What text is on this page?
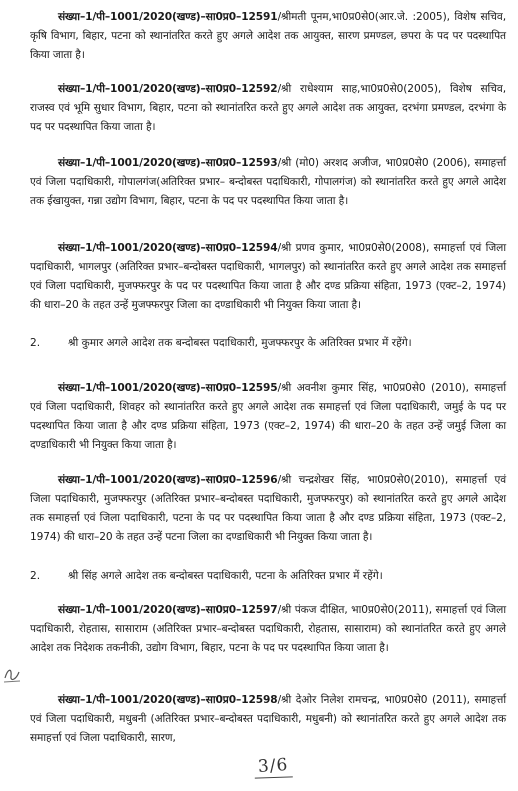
संख्या–1/पी–1001/2020(खण्ड)–सा0प्र0–12591/श्रीमती पूनम,भा0प्र0से0(आर.जे. :2005), विशेष सचिव, कृषि विभाग, बिहार, पटना को स्थानांतरित करते हुए अगले आदेश तक आयुक्त, सारण प्रमण्डल, छपरा के पद पर पदस्थापित किया जाता है।

संख्या–1/पी–1001/2020(खण्ड)–सा0प्र0–12592/श्री राधेश्याम साह,भा0प्र0से0(2005), विशेष सचिव, राजस्व एवं भूमि सुधार विभाग, बिहार, पटना को स्थानांतरित करते हुए अगले आदेश तक आयुक्त, दरभंगा प्रमण्डल, दरभंगा के पद पर पदस्थापित किया जाता है।

संख्या–1/पी–1001/2020(खण्ड)–सा0प्र0–12593/श्री (मो0) अरशद अजीज, भा0प्र0से0 (2006), समाहर्त्ता एवं जिला पदाधिकारी, गोपालगंज(अतिरिक्त प्रभार– बन्दोबस्त पदाधिकारी, गोपालगंज) को स्थानांतरित करते हुए अगले आदेश तक ईखायुक्त, गन्ना उद्योग विभाग, बिहार, पटना के पद पर पदस्थापित किया जाता है।

संख्या–1/पी–1001/2020(खण्ड)–सा0प्र0–12594/श्री प्रणव कुमार, भा0प्र0से0(2008), समाहर्त्ता एवं जिला पदाधिकारी, भागलपुर (अतिरिक्त प्रभार–बन्दोबस्त पदाधिकारी, भागलपुर) को स्थानांतरित करते हुए अगले आदेश तक समाहर्त्ता एवं जिला पदाधिकारी, मुजफ्फरपुर के पद पर पदस्थापित किया जाता है और दण्ड प्रक्रिया संहिता, 1973 (एक्ट–2, 1974) की धारा–20 के तहत उन्हें मुजफ्फरपुर जिला का दण्डाधिकारी भी नियुक्त किया जाता है।

2.	श्री कुमार अगले आदेश तक बन्दोबस्त पदाधिकारी, मुजफ्फरपुर के अतिरिक्त प्रभार में रहेंगे।

संख्या–1/पी–1001/2020(खण्ड)–सा0प्र0–12595/श्री अवनीश कुमार सिंह, भा0प्र0से0 (2010), समाहर्त्ता एवं जिला पदाधिकारी, शिवहर को स्थानांतरित करते हुए अगले आदेश तक समाहर्त्ता एवं जिला पदाधिकारी, जमुई के पद पर पदस्थापित किया जाता है और दण्ड प्रक्रिया संहिता, 1973 (एक्ट–2, 1974) की धारा–20 के तहत उन्हें जमुई जिला का दण्डाधिकारी भी नियुक्त किया जाता है।

संख्या–1/पी–1001/2020(खण्ड)–सा0प्र0–12596/श्री चन्द्रशेखर सिंह, भा0प्र0से0(2010), समाहर्त्ता एवं जिला पदाधिकारी, मुजफ्फरपुर (अतिरिक्त प्रभार–बन्दोबस्त पदाधिकारी, मुजफ्फरपुर) को स्थानांतरित करते हुए अगले आदेश तक समाहर्त्ता एवं जिला पदाधिकारी, पटना के पद पर पदस्थापित किया जाता है और दण्ड प्रक्रिया संहिता, 1973 (एक्ट–2, 1974) की धारा–20 के तहत उन्हें पटना जिला का दण्डाधिकारी भी नियुक्त किया जाता है।

2.	श्री सिंह अगले आदेश तक बन्दोबस्त पदाधिकारी, पटना के अतिरिक्त प्रभार में रहेंगे।

संख्या–1/पी–1001/2020(खण्ड)–सा0प्र0–12597/श्री पंकज दीक्षित, भा0प्र0से0(2011), समाहर्त्ता एवं जिला पदाधिकारी, रोहतास, सासाराम (अतिरिक्त प्रभार–बन्दोबस्त पदाधिकारी, रोहतास, सासाराम) को स्थानांतरित करते हुए अगले आदेश तक निदेशक तकनीकी, उद्योग विभाग, बिहार, पटना के पद पर पदस्थापित किया जाता है।

संख्या–1/पी–1001/2020(खण्ड)–सा0प्र0–12598/श्री देओर निलेश रामचन्द्र, भा0प्र0से0 (2011), समाहर्त्ता एवं जिला पदाधिकारी, मधुबनी (अतिरिक्त प्रभार–बन्दोबस्त पदाधिकारी, मधुबनी) को स्थानांतरित करते हुए अगले आदेश तक समाहर्त्ता एवं जिला पदाधिकारी, सारण,

3/6
